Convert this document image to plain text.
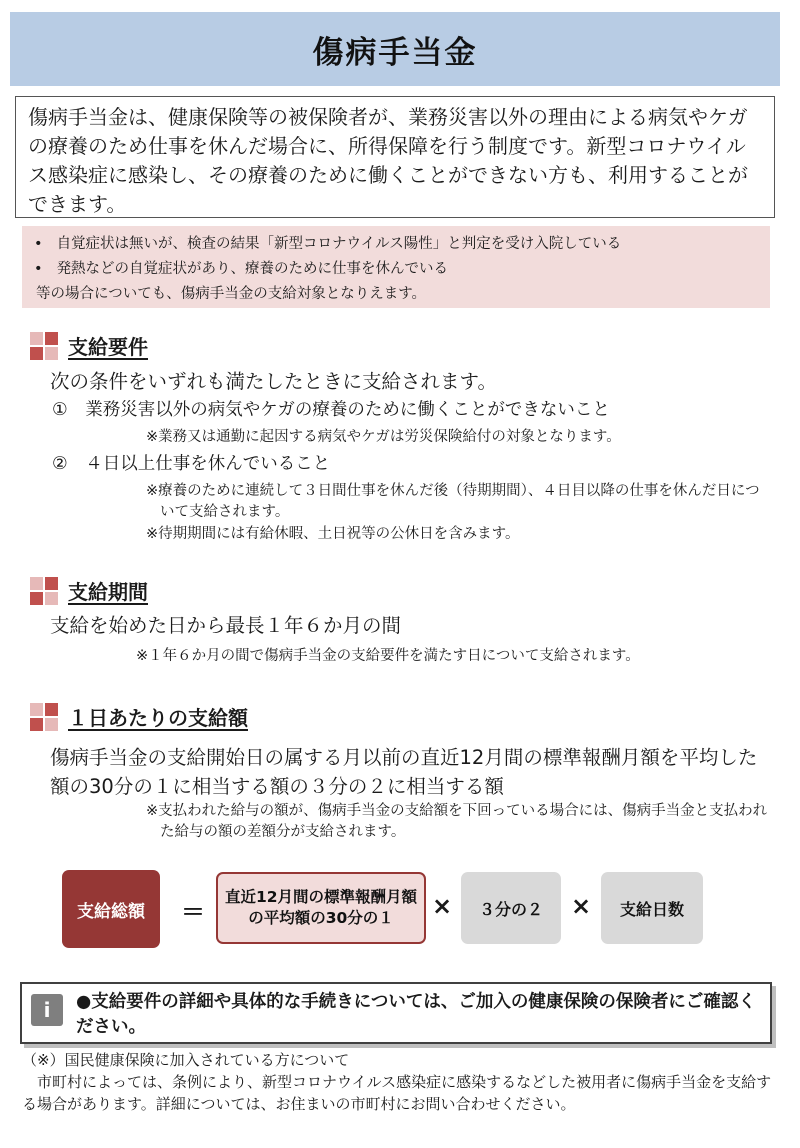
傷病手当金

傷病手当金は、健康保険等の被保険者が、業務災害以外の理由による病気やケガの療養のため仕事を休んだ場合に、所得保障を行う制度です。新型コロナウイルス感染症に感染し、その療養のために働くことができない方も、利用することができます。

• 自覚症状は無いが、検査の結果「新型コロナウイルス陽性」と判定を受け入院している
• 発熱などの自覚症状があり、療養のために仕事を休んでいる

等の場合についても、傷病手当金の支給対象となりえます。

支給要件
次の条件をいずれも満たしたときに支給されます。
①　業務災害以外の病気やケガの療養のために働くことができないこと
※業務又は通勤に起因する病気やケガは労災保険給付の対象となります。
②　４日以上仕事を休んでいること
※療養のために連続して３日間仕事を休んだ後（待期期間）、４日目以降の仕事を休んだ日について支給されます。
※待期期間には有給休暇、土日祝等の公休日を含みます。
支給期間
支給を始めた日から最長１年６か月の間
※１年６か月の間で傷病手当金の支給要件を満たす日について支給されます。
１日あたりの支給額
傷病手当金の支給開始日の属する月以前の直近12月間の標準報酬月額を平均した額の30分の１に相当する額の３分の２に相当する額
※支払われた給与の額が、傷病手当金の支給額を下回っている場合には、傷病手当金と支払われた給与の額の差額分が支給されます。
支給総額	＝
直近12月間の標準報酬月額の平均額の30分の１	×	３分の２	×	支給日数
i	●支給要件の詳細や具体的な手続きについては、ご加入の健康保険の保険者にご確認ください。

（※）国民健康保険に加入されている方について

市町村によっては、条例により、新型コロナウイルス感染症に感染するなどした被用者に傷病手当金を支給する場合があります。詳細については、お住まいの市町村にお問い合わせください。
